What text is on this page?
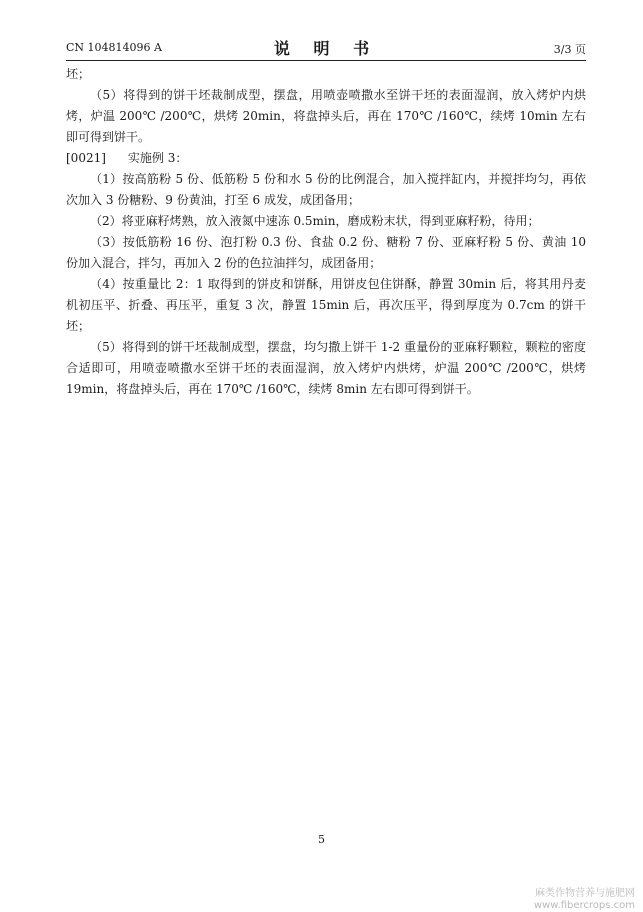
CN 104814096 A	说 明 书	3/3 页

坯；

（5）将得到的饼干坯裁制成型，摆盘，用喷壶喷撒水至饼干坯的表面湿润，放入烤炉内烘烤，炉温 200℃ /200℃，烘烤 20min，将盘掉头后，再在 170℃ /160℃，续烤 10min 左右即可得到饼干。

[0021] 实施例 3：

（1）按高筋粉 5 份、低筋粉 5 份和水 5 份的比例混合，加入搅拌缸内，并搅拌均匀，再依次加入 3 份糖粉、9 份黄油，打至 6 成发，成团备用；

（2）将亚麻籽烤熟，放入液氮中速冻 0.5min，磨成粉末状，得到亚麻籽粉，待用；

（3）按低筋粉 16 份、泡打粉 0.3 份、食盐 0.2 份、糖粉 7 份、亚麻籽粉 5 份、黄油 10 份加入混合，拌匀，再加入 2 份的色拉油拌匀，成团备用；

（4）按重量比 2：1 取得到的饼皮和饼酥，用饼皮包住饼酥，静置 30min 后，将其用丹麦机初压平、折叠、再压平，重复 3 次，静置 15min 后，再次压平，得到厚度为 0.7cm 的饼干坯；

（5）将得到的饼干坯裁制成型，摆盘，均匀撒上饼干 1-2 重量份的亚麻籽颗粒，颗粒的密度合适即可，用喷壶喷撒水至饼干坯的表面湿润，放入烤炉内烘烤，炉温 200℃ /200℃，烘烤 19min，将盘掉头后，再在 170℃ /160℃，续烤 8min 左右即可得到饼干。

5
麻类作物营养与施肥网
www.fibercrops.com
